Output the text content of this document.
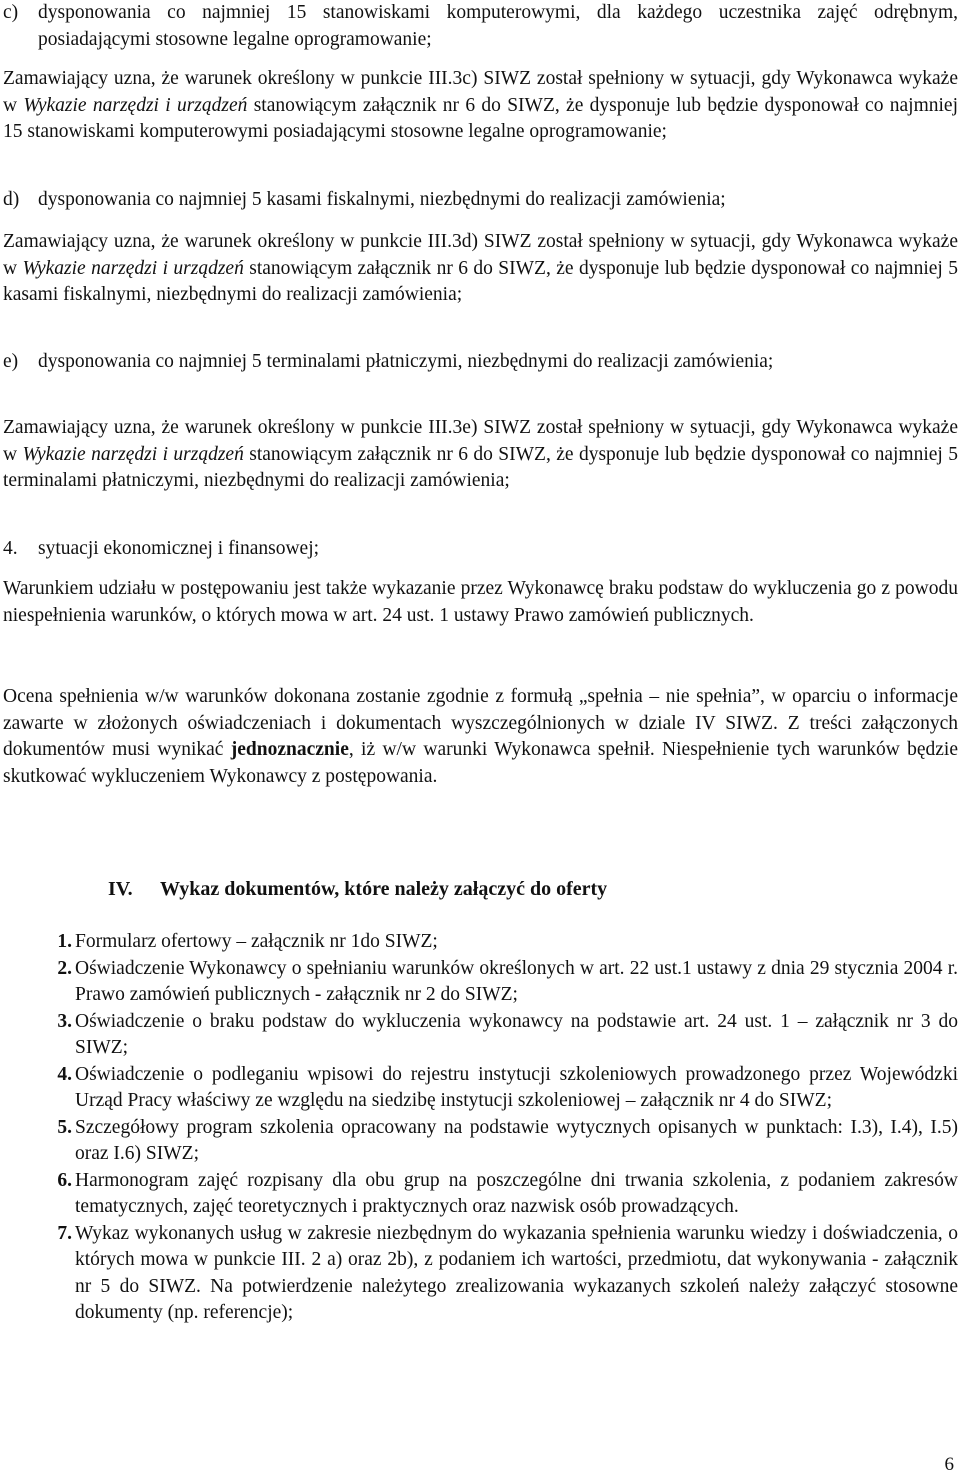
c)	dysponowania co najmniej 15 stanowiskami komputerowymi, dla każdego uczestnika zajęć odrębnym, posiadającymi stosowne legalne oprogramowanie;

Zamawiający uzna, że warunek określony w punkcie III.3c) SIWZ został spełniony w sytuacji, gdy Wykonawca wykaże w Wykazie narzędzi i urządzeń stanowiącym załącznik nr 6 do SIWZ, że dysponuje lub będzie dysponował co najmniej 15 stanowiskami komputerowymi posiadającymi stosowne legalne oprogramowanie;

d) dysponowania co najmniej 5 kasami fiskalnymi, niezbędnymi do realizacji zamówienia;

Zamawiający uzna, że warunek określony w punkcie III.3d) SIWZ został spełniony w sytuacji, gdy Wykonawca wykaże w Wykazie narzędzi i urządzeń stanowiącym załącznik nr 6 do SIWZ, że dysponuje lub będzie dysponował co najmniej 5 kasami fiskalnymi, niezbędnymi do realizacji zamówienia;

e)	dysponowania co najmniej 5 terminalami płatniczymi, niezbędnymi do realizacji zamówienia;

Zamawiający uzna, że warunek określony w punkcie III.3e) SIWZ został spełniony w sytuacji, gdy Wykonawca wykaże w Wykazie narzędzi i urządzeń stanowiącym załącznik nr 6 do SIWZ, że dysponuje lub będzie dysponował co najmniej 5 terminalami płatniczymi, niezbędnymi do realizacji zamówienia;

4.	sytuacji ekonomicznej i finansowej;

Warunkiem udziału w postępowaniu jest także wykazanie przez Wykonawcę braku podstaw do wykluczenia go z powodu niespełnienia warunków, o których mowa w art. 24 ust. 1 ustawy Prawo zamówień publicznych.

Ocena spełnienia w/w warunków dokonana zostanie zgodnie z formułą „spełnia – nie spełnia”, w oparciu o informacje zawarte w złożonych oświadczeniach i dokumentach wyszczególnionych w dziale IV SIWZ. Z treści załączonych dokumentów musi wynikać jednoznacznie, iż w/w warunki Wykonawca spełnił. Niespełnienie tych warunków będzie skutkować wykluczeniem Wykonawcy z postępowania.

IV. Wykaz dokumentów, które należy załączyć do oferty
1. Formularz ofertowy – załącznik nr 1do SIWZ;
2. Oświadczenie Wykonawcy o spełnianiu warunków określonych w art. 22 ust.1 ustawy z dnia 29 stycznia 2004 r. Prawo zamówień publicznych - załącznik nr 2 do SIWZ;
3. Oświadczenie o braku podstaw do wykluczenia wykonawcy na podstawie art. 24 ust. 1 – załącznik nr 3 do SIWZ;
4. Oświadczenie o podleganiu wpisowi do rejestru instytucji szkoleniowych prowadzonego przez Wojewódzki Urząd Pracy właściwy ze względu na siedzibę instytucji szkoleniowej – załącznik nr 4 do SIWZ;
5. Szczegółowy program szkolenia opracowany na podstawie wytycznych opisanych w punktach: I.3), I.4), I.5) oraz I.6) SIWZ;
6. Harmonogram zajęć rozpisany dla obu grup na poszczególne dni trwania szkolenia, z podaniem zakresów tematycznych, zajęć teoretycznych i praktycznych oraz nazwisk osób prowadzących.
7. Wykaz wykonanych usług w zakresie niezbędnym do wykazania spełnienia warunku wiedzy i doświadczenia, o których mowa w punkcie III. 2 a) oraz 2b), z podaniem ich wartości, przedmiotu, dat wykonywania - załącznik nr 5 do SIWZ. Na potwierdzenie należytego zrealizowania wykazanych szkoleń należy załączyć stosowne dokumenty (np. referencje);
6
